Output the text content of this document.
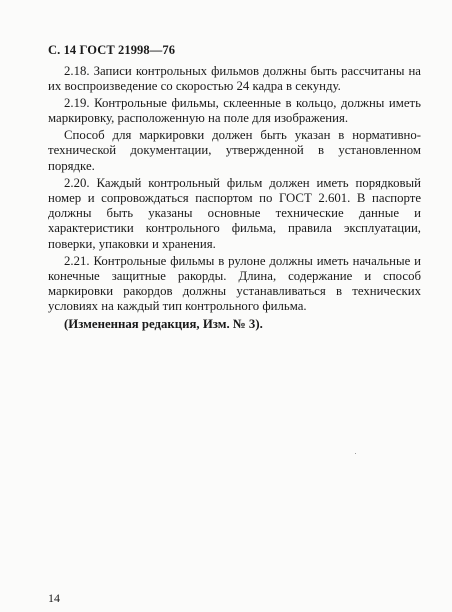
С. 14 ГОСТ 21998—76

2.18. Записи контрольных фильмов должны быть рассчитаны на их воспроизведение со скоростью 24 кадра в секунду.

2.19. Контрольные фильмы, склеенные в кольцо, должны иметь маркировку, расположенную на поле для изображения.

Способ для маркировки должен быть указан в нормативно-технической документации, утвержденной в установленном порядке.

2.20. Каждый контрольный фильм должен иметь порядковый номер и сопровождаться паспортом по ГОСТ 2.601. В паспорте должны быть указаны основные технические данные и характеристики контрольного фильма, правила эксплуатации, поверки, упаковки и хранения.

2.21. Контрольные фильмы в рулоне должны иметь начальные и конечные защитные ракорды. Длина, содержание и способ маркировки ракордов должны устанавливаться в технических условиях на каждый тип контрольного фильма.

(Измененная редакция, Изм. № 3).

14
